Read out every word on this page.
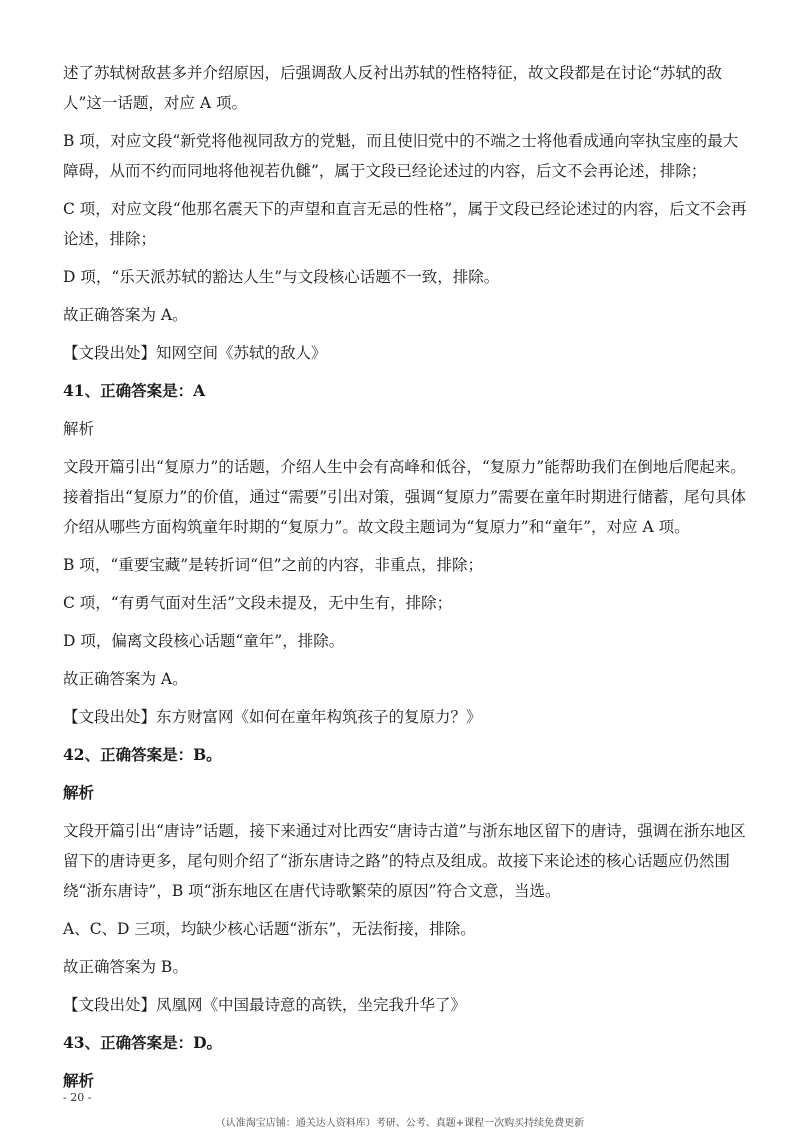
述了苏轼树敌甚多并介绍原因，后强调敌人反衬出苏轼的性格特征，故文段都是在讨论“苏轼的敌人”这一话题，对应 A 项。

B 项，对应文段“新党将他视同敌方的党魁，而且使旧党中的不端之士将他看成通向宰执宝座的最大障碍，从而不约而同地将他视若仇雠”，属于文段已经论述过的内容，后文不会再论述，排除；

C 项，对应文段“他那名震天下的声望和直言无忌的性格”，属于文段已经论述过的内容，后文不会再论述，排除；

D 项，“乐天派苏轼的豁达人生”与文段核心话题不一致，排除。

故正确答案为 A。

【文段出处】知网空间《苏轼的敌人》

41、正确答案是：A

解析

文段开篇引出“复原力”的话题，介绍人生中会有高峰和低谷，“复原力”能帮助我们在倒地后爬起来。接着指出“复原力”的价值，通过“需要”引出对策，强调“复原力”需要在童年时期进行储蓄，尾句具体介绍从哪些方面构筑童年时期的“复原力”。故文段主题词为“复原力”和“童年”，对应 A 项。

B 项，“重要宝藏”是转折词“但”之前的内容，非重点，排除；

C 项，“有勇气面对生活”文段未提及，无中生有，排除；

D 项，偏离文段核心话题“童年”，排除。

故正确答案为 A。

【文段出处】东方财富网《如何在童年构筑孩子的复原力？》

42、正确答案是：B。

解析

文段开篇引出“唐诗”话题，接下来通过对比西安“唐诗古道”与浙东地区留下的唐诗，强调在浙东地区留下的唐诗更多，尾句则介绍了“浙东唐诗之路”的特点及组成。故接下来论述的核心话题应仍然围绕“浙东唐诗”，B 项“浙东地区在唐代诗歌繁荣的原因”符合文意，当选。

A、C、D 三项，均缺少核心话题“浙东”，无法衔接，排除。

故正确答案为 B。

【文段出处】凤凰网《中国最诗意的高铁，坐完我升华了》

43、正确答案是：D。

解析

- 20 -
（认准淘宝店铺：通关达人资料库）考研、公考、真题+课程一次购买持续免费更新
